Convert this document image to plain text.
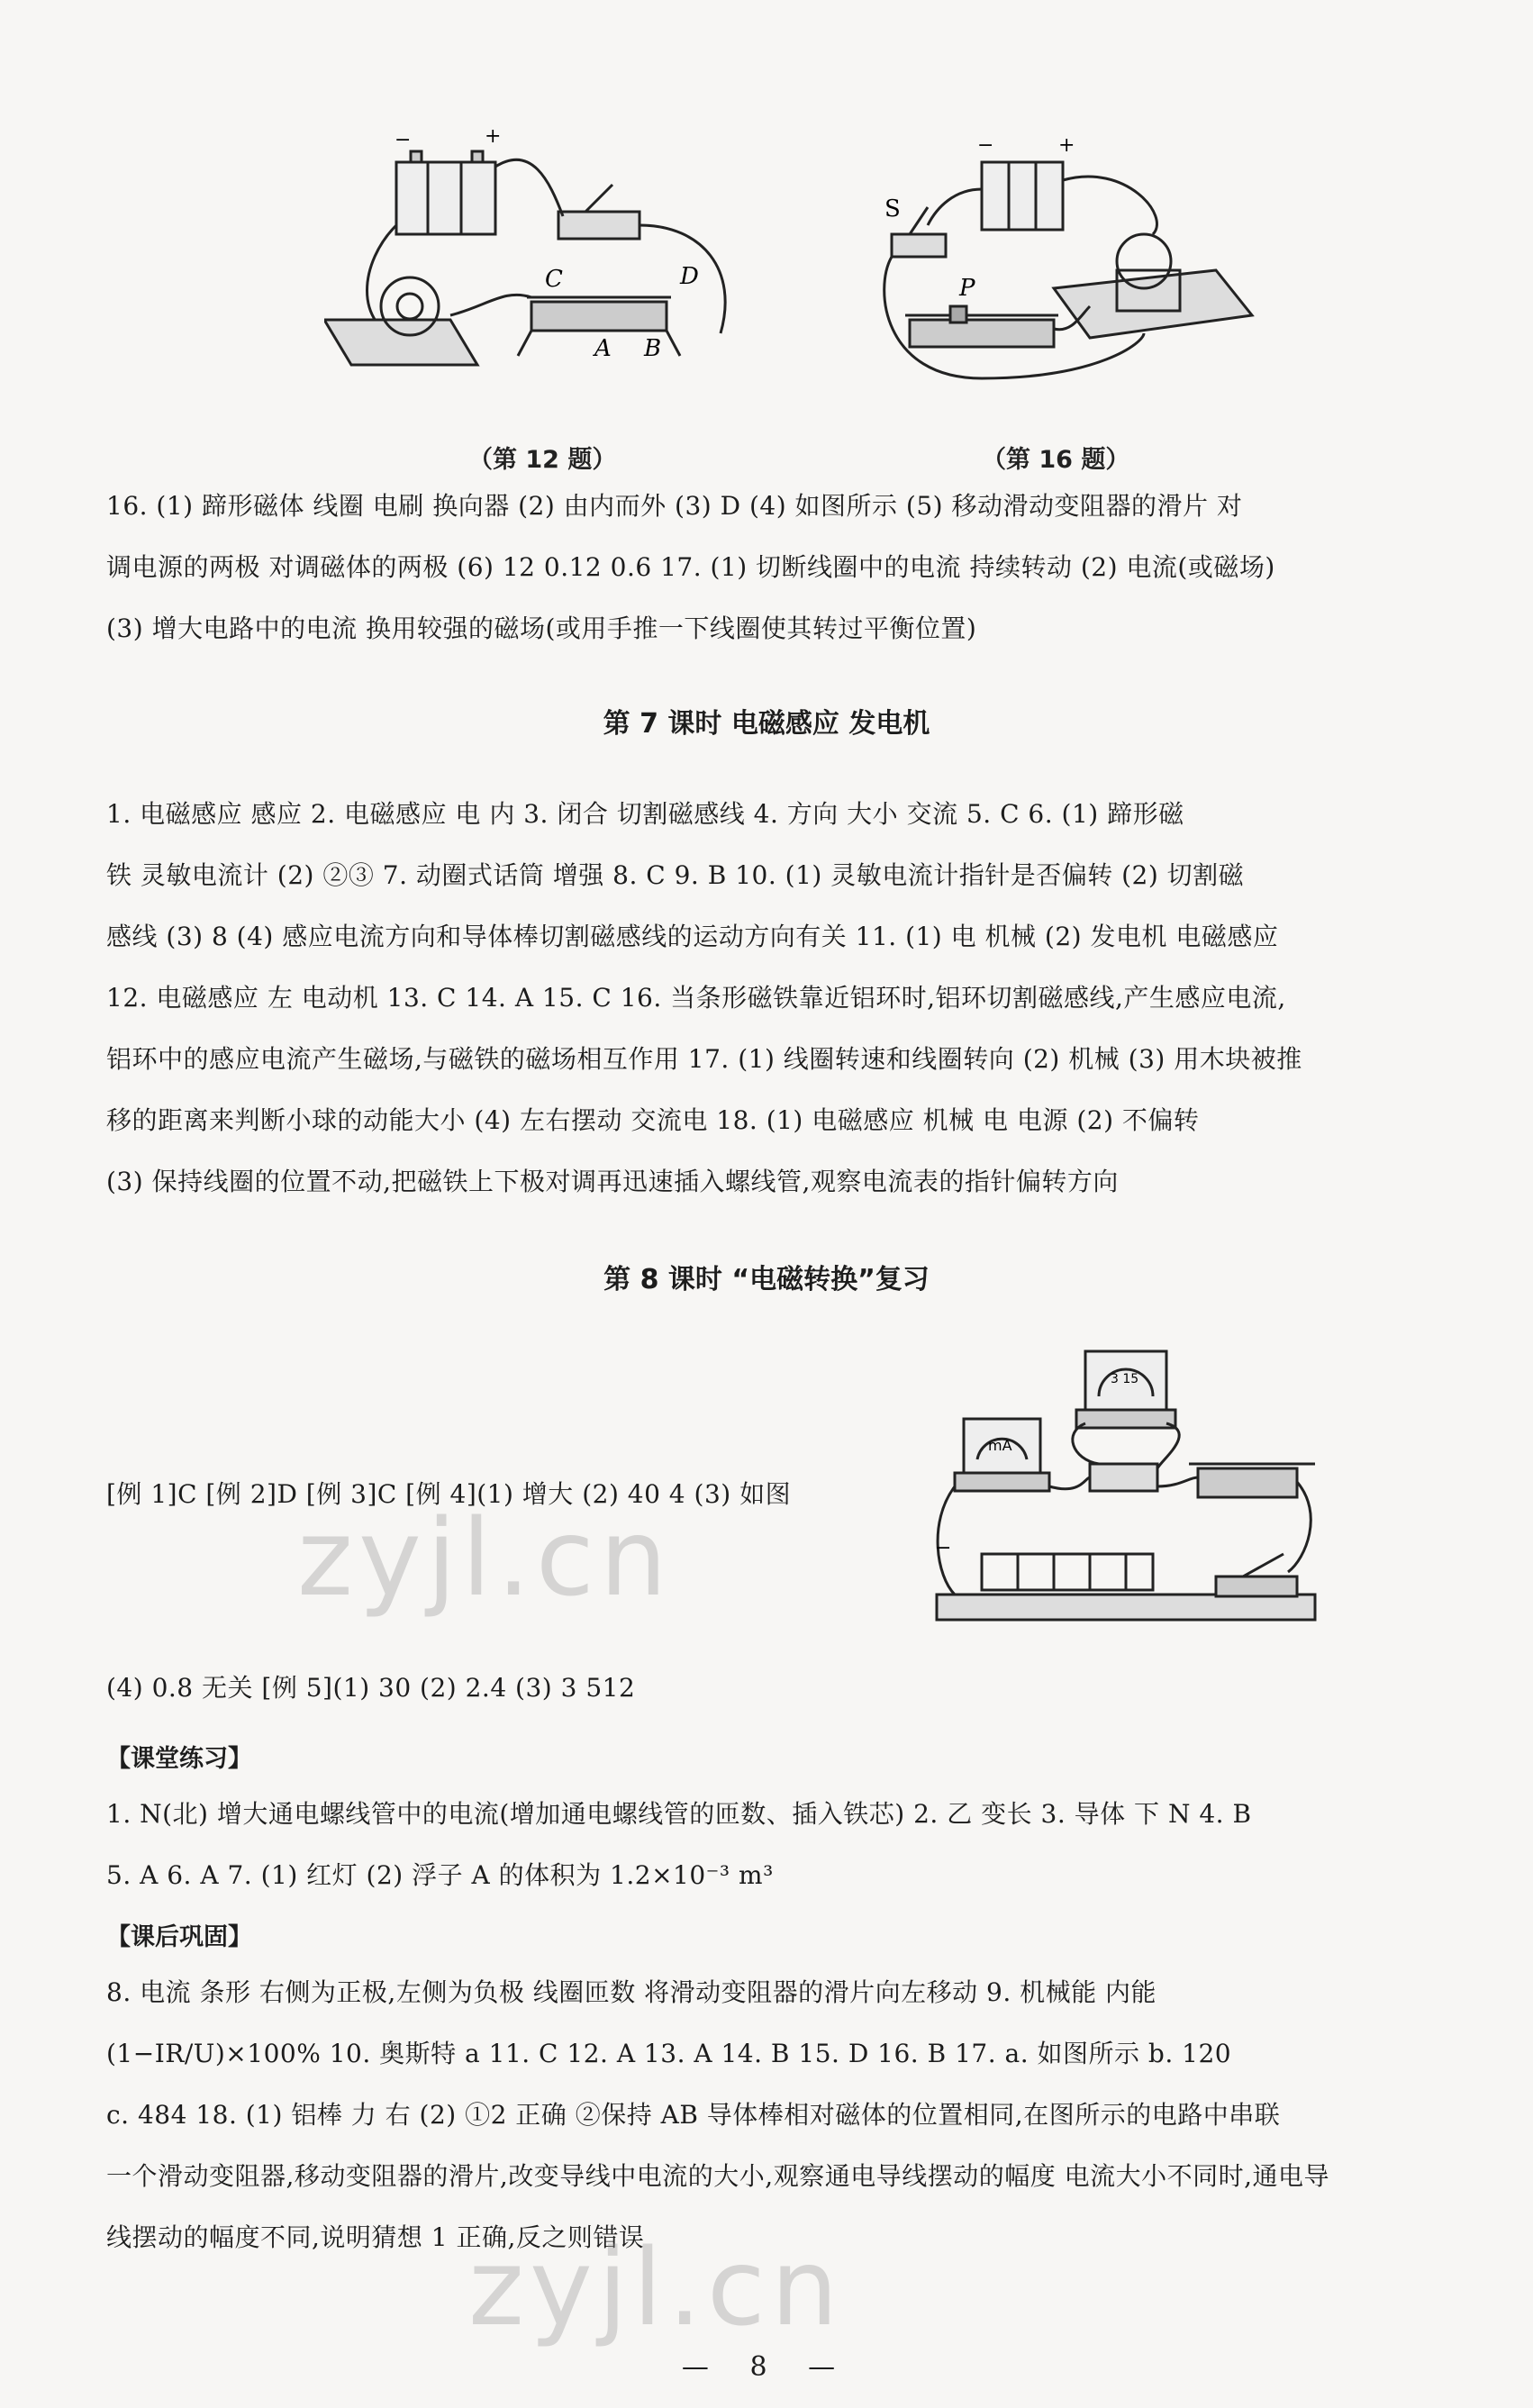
−	+
C	D
A B
（第 12 题）
−	+
S
P
（第 16 题）
16. (1) 蹄形磁体 线圈 电刷 换向器 (2) 由内而外 (3) D (4) 如图所示 (5) 移动滑动变阻器的滑片 对
调电源的两极 对调磁体的两极 (6) 12 0.12 0.6 17. (1) 切断线圈中的电流 持续转动 (2) 电流(或磁场)
(3) 增大电路中的电流 换用较强的磁场(或用手推一下线圈使其转过平衡位置)
第 7 课时 电磁感应 发电机
1. 电磁感应 感应 2. 电磁感应 电 内 3. 闭合 切割磁感线 4. 方向 大小 交流 5. C 6. (1) 蹄形磁
铁 灵敏电流计 (2) ②③ 7. 动圈式话筒 增强 8. C 9. B 10. (1) 灵敏电流计指针是否偏转 (2) 切割磁
感线 (3) 8 (4) 感应电流方向和导体棒切割磁感线的运动方向有关 11. (1) 电 机械 (2) 发电机 电磁感应
12. 电磁感应 左 电动机 13. C 14. A 15. C 16. 当条形磁铁靠近铝环时,铝环切割磁感线,产生感应电流,
铝环中的感应电流产生磁场,与磁铁的磁场相互作用 17. (1) 线圈转速和线圈转向 (2) 机械 (3) 用木块被推
移的距离来判断小球的动能大小 (4) 左右摆动 交流电 18. (1) 电磁感应 机械 电 电源 (2) 不偏转
(3) 保持线圈的位置不动,把磁铁上下极对调再迅速插入螺线管,观察电流表的指针偏转方向
第 8 课时 “电磁转换”复习
mA
3 15
−
[例 1]C [例 2]D [例 3]C [例 4](1) 增大 (2) 40 4 (3) 如图
(4) 0.8 无关 [例 5](1) 30 (2) 2.4 (3) 3 512
【课堂练习】
1. N(北) 增大通电螺线管中的电流(增加通电螺线管的匝数、插入铁芯) 2. 乙 变长 3. 导体 下 N 4. B
5. A 6. A 7. (1) 红灯 (2) 浮子 A 的体积为 1.2×10⁻³ m³
【课后巩固】
8. 电流 条形 右侧为正极,左侧为负极 线圈匝数 将滑动变阻器的滑片向左移动 9. 机械能 内能
(1−IR/U)×100% 10. 奥斯特 a 11. C 12. A 13. A 14. B 15. D 16. B 17. a. 如图所示 b. 120
c. 484 18. (1) 铝棒 力 右 (2) ①2 正确 ②保持 AB 导体棒相对磁体的位置相同,在图所示的电路中串联
一个滑动变阻器,移动变阻器的滑片,改变导线中电流的大小,观察通电导线摆动的幅度 电流大小不同时,通电导
线摆动的幅度不同,说明猜想 1 正确,反之则错误
— 8 —
zyjl.cn
zyjl.cn
